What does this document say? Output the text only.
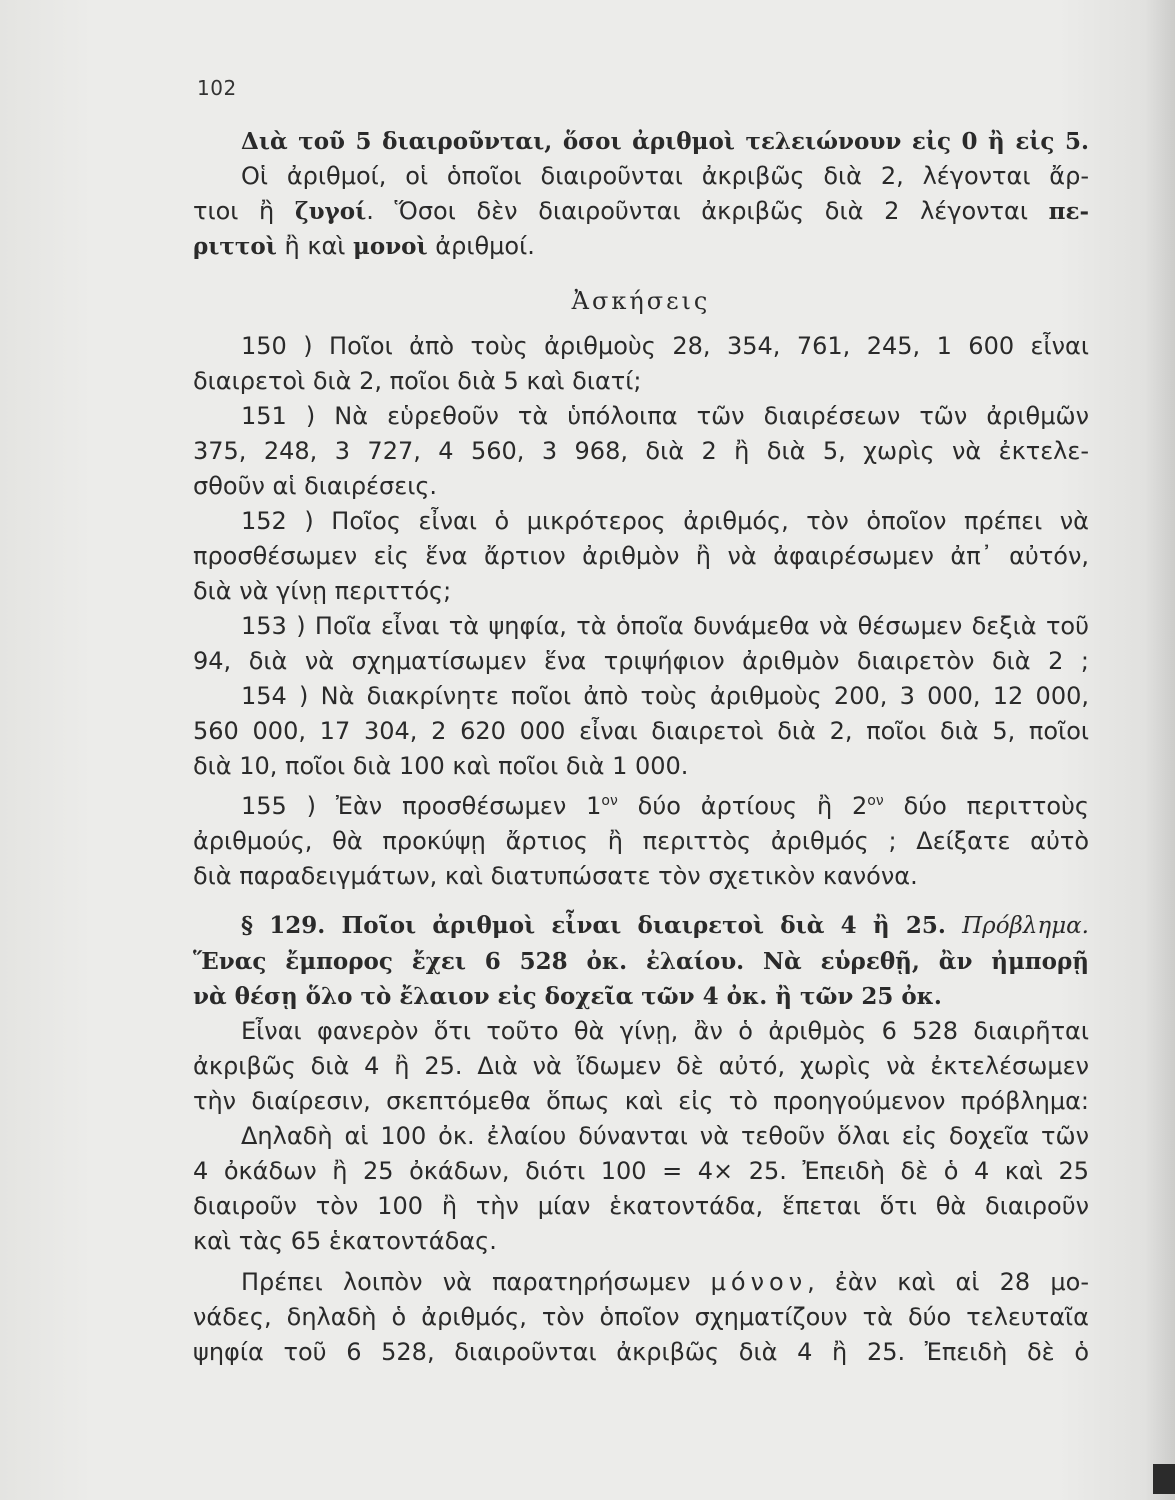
102
Διὰ τοῦ 5 διαιροῦνται, ὅσοι ἀριθμοὶ τελειώνουν εἰς 0 ἢ εἰς 5.
Οἱ ἀριθμοί, οἱ ὁποῖοι διαιροῦνται ἀκριβῶς διὰ 2, λέγονται ἄρ-
τιοι ἢ ζυγοί. Ὅσοι δὲν διαιροῦνται ἀκριβῶς διὰ 2 λέγονται πε-
ριττοὶ ἢ καὶ μονοὶ ἀριθμοί.
Ἀσκήσεις
150 ) Ποῖοι ἀπὸ τοὺς ἀριθμοὺς 28, 354, 761, 245, 1 600 εἶναι
διαιρετοὶ διὰ 2, ποῖοι διὰ 5 καὶ διατί;
151 ) Νὰ εὑρεθοῦν τὰ ὑπόλοιπα τῶν διαιρέσεων τῶν ἀριθμῶν
375, 248, 3 727, 4 560, 3 968, διὰ 2 ἢ διὰ 5, χωρὶς νὰ ἐκτελε-
σθοῦν αἱ διαιρέσεις.
152 ) Ποῖος εἶναι ὁ μικρότερος ἀριθμός, τὸν ὁποῖον πρέπει νὰ
προσθέσωμεν εἰς ἕνα ἄρτιον ἀριθμὸν ἢ νὰ ἀφαιρέσωμεν ἀπ᾽ αὐτόν,
διὰ νὰ γίνῃ περιττός;
153 ) Ποῖα εἶναι τὰ ψηφία, τὰ ὁποῖα δυνάμεθα νὰ θέσωμεν δεξιὰ τοῦ
94, διὰ νὰ σχηματίσωμεν ἕνα τριψήφιον ἀριθμὸν διαιρετὸν διὰ 2 ;
154 ) Νὰ διακρίνητε ποῖοι ἀπὸ τοὺς ἀριθμοὺς 200, 3 000, 12 000,
560 000, 17 304, 2 620 000 εἶναι διαιρετοὶ διὰ 2, ποῖοι διὰ 5, ποῖοι
διὰ 10, ποῖοι διὰ 100 καὶ ποῖοι διὰ 1 000.
155 ) Ἐὰν προσθέσωμεν $1^{o\nu}$ δύο ἀρτίους ἢ $2^{o\nu}$ δύο περιττοὺς
ἀριθμούς, θὰ προκύψῃ ἄρτιος ἢ περιττὸς ἀριθμός ; Δείξατε αὐτὸ
διὰ παραδειγμάτων, καὶ διατυπώσατε τὸν σχετικὸν κανόνα.
§ 129. Ποῖοι ἀριθμοὶ εἶναι διαιρετοὶ διὰ 4 ἢ 25. Πρόβλημα.
Ἕνας ἔμπορος ἔχει 6 528 ὀκ. ἐλαίου. Νὰ εὑρεθῇ, ἂν ἠμπορῇ
νὰ θέσῃ ὅλο τὸ ἔλαιον εἰς δοχεῖα τῶν 4 ὀκ. ἢ τῶν 25 ὀκ.
Εἶναι φανερὸν ὅτι τοῦτο θὰ γίνῃ, ἂν ὁ ἀριθμὸς 6 528 διαιρῆται
ἀκριβῶς διὰ 4 ἢ 25. Διὰ νὰ ἴδωμεν δὲ αὐτό, χωρὶς νὰ ἐκτελέσωμεν
τὴν διαίρεσιν, σκεπτόμεθα ὅπως καὶ εἰς τὸ προηγούμενον πρόβλημα:
Δηλαδὴ αἱ 100 ὀκ. ἐλαίου δύνανται νὰ τεθοῦν ὅλαι εἰς δοχεῖα τῶν
4 ὀκάδων ἢ 25 ὀκάδων, διότι 100 = 4× 25. Ἐπειδὴ δὲ ὁ 4 καὶ 25
διαιροῦν τὸν 100 ἢ τὴν μίαν ἑκατοντάδα, ἕπεται ὅτι θὰ διαιροῦν
καὶ τὰς 65 ἑκατοντάδας.
Πρέπει λοιπὸν νὰ παρατηρήσωμεν μόνον, ἐὰν καὶ αἱ 28 μο-
νάδες, δηλαδὴ ὁ ἀριθμός, τὸν ὁποῖον σχηματίζουν τὰ δύο τελευταῖα
ψηφία τοῦ 6 528, διαιροῦνται ἀκριβῶς διὰ 4 ἢ 25. Ἐπειδὴ δὲ ὁ
